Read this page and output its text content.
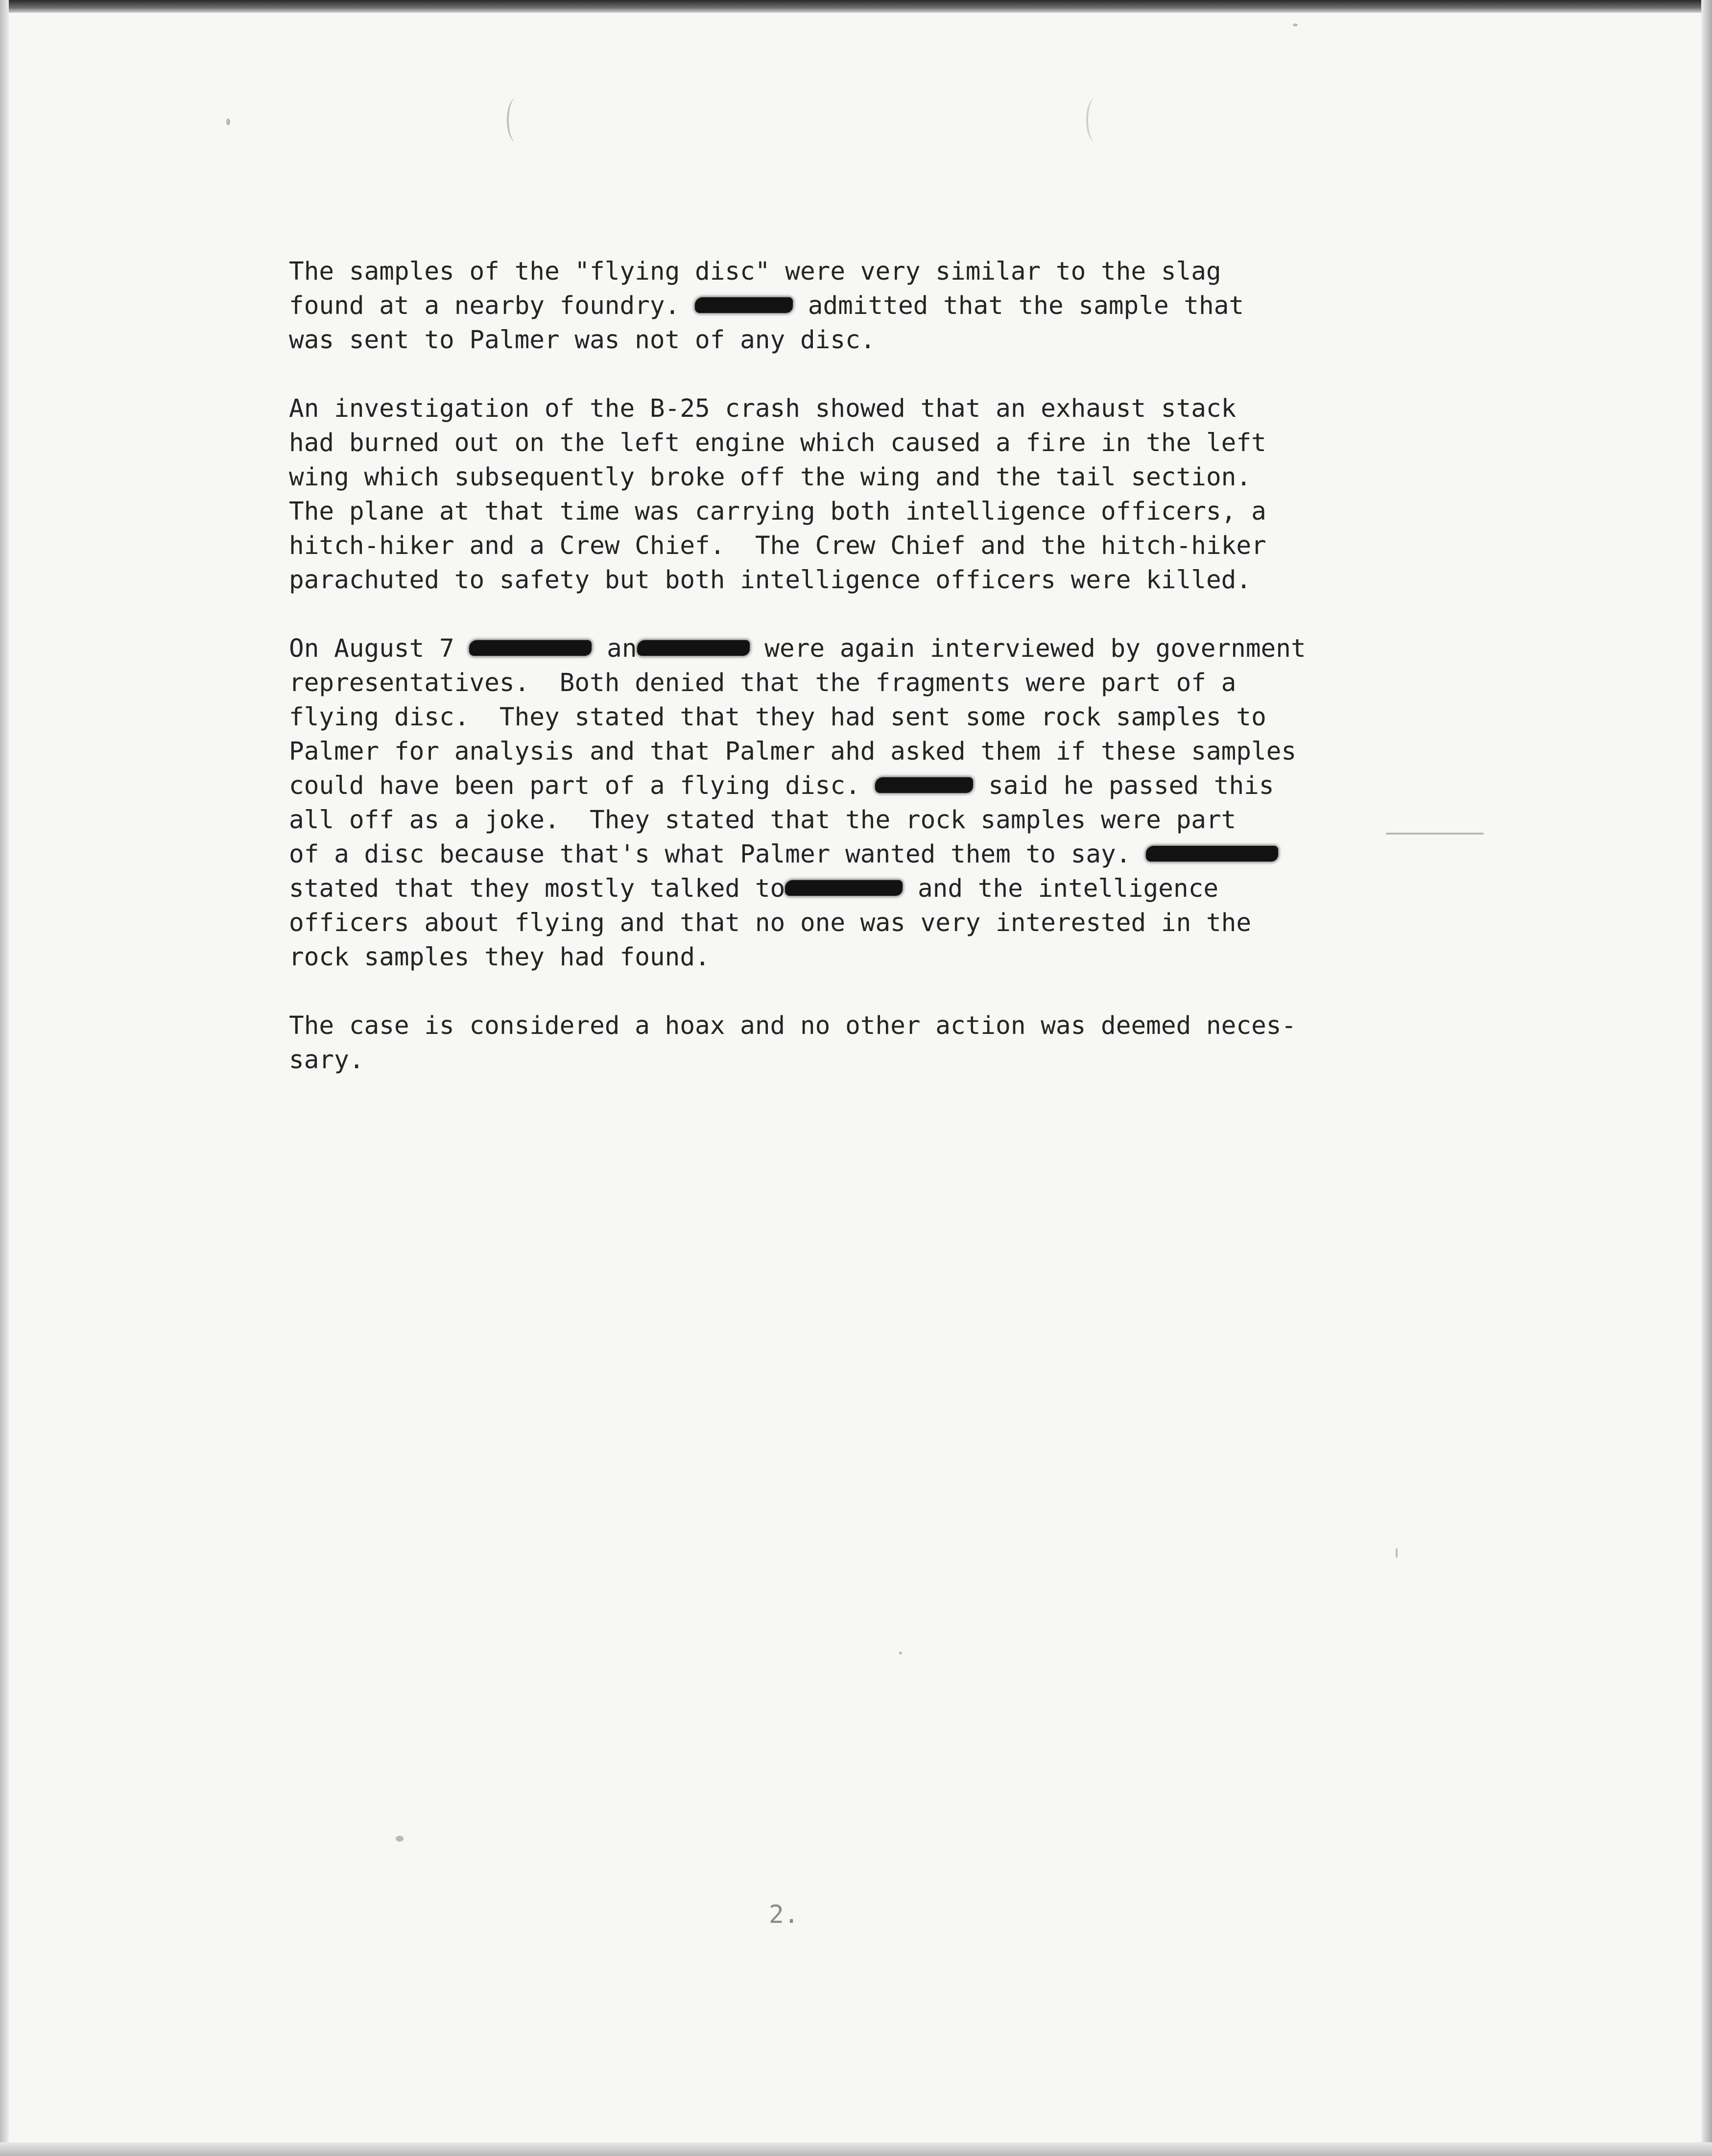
The samples of the "flying disc" were very similar to the slag
found at a nearby foundry.	admitted that the sample that
was sent to Palmer was not of any disc.
An investigation of the B-25 crash showed that an exhaust stack
had burned out on the left engine which caused a fire in the left
wing which subsequently broke off the wing and the tail section.
The plane at that time was carrying both intelligence officers, a
hitch-hiker and a Crew Chief.  The Crew Chief and the hitch-hiker
parachuted to safety but both intelligence officers were killed.
On August 7	an	were again interviewed by government
representatives.  Both denied that the fragments were part of a
flying disc.  They stated that they had sent some rock samples to
Palmer for analysis and that Palmer ahd asked them if these samples
could have been part of a flying disc.	said he passed this
all off as a joke.  They stated that the rock samples were part
of a disc because that's what Palmer wanted them to say.
stated that they mostly talked to	and the intelligence
officers about flying and that no one was very interested in the
rock samples they had found.
The case is considered a hoax and no other action was deemed neces-
sary.
2.
